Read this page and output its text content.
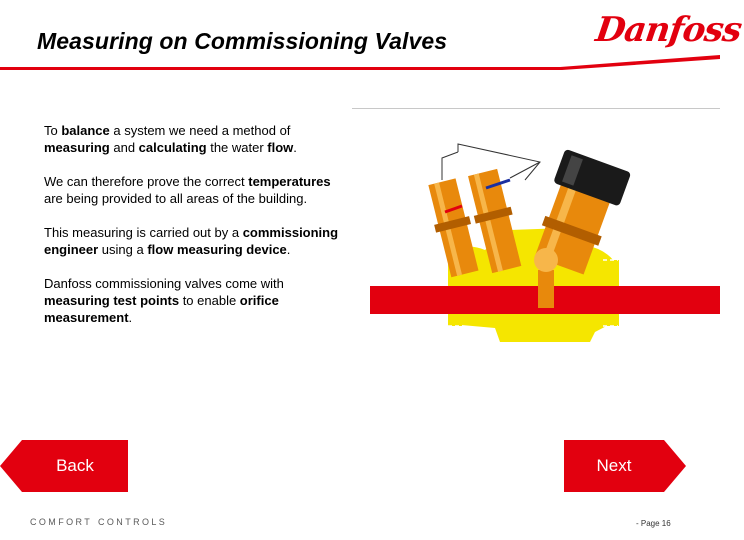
Measuring on Commissioning Valves	Danfoss

To balance a system we need a method of measuring and calculating the water flow.

We can therefore prove the correct temperatures are being provided to all areas of the building.

This measuring is carried out by a commissioning engineer using a flow measuring device.

Danfoss commissioning valves come with measuring test points to enable orifice measurement.

Back	Next
COMFORT CONTROLS	- Page 16
